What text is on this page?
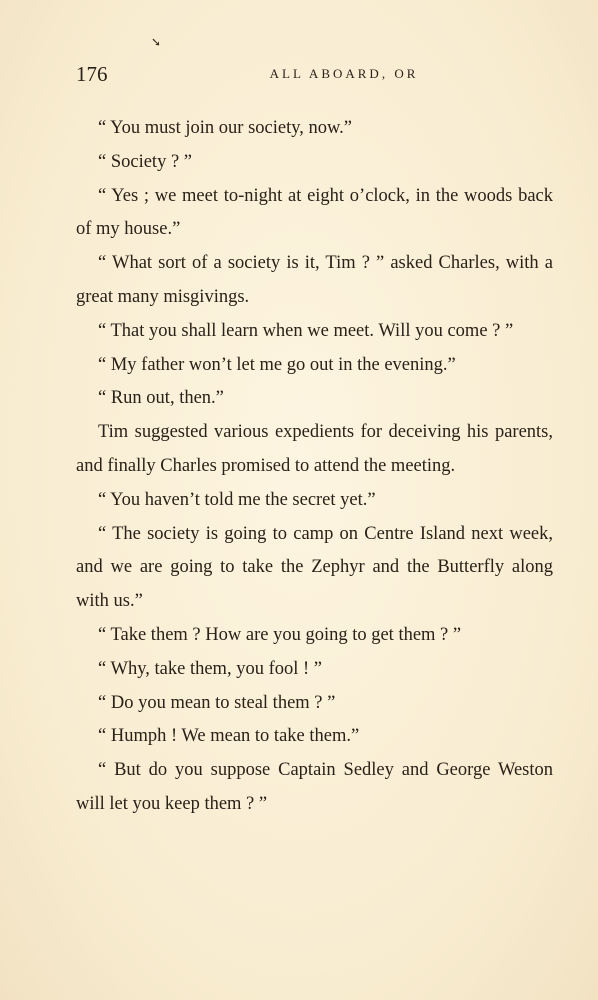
➘
176	ALL ABOARD, OR

“ You must join our society, now.”

“ Society ? ”

“ Yes ; we meet to-night at eight o’clock, in the woods back of my house.”

“ What sort of a society is it, Tim ? ” asked Charles, with a great many misgivings.

“ That you shall learn when we meet. Will you come ? ”

“ My father won’t let me go out in the evening.”

“ Run out, then.”

Tim suggested various expedients for deceiving his parents, and finally Charles promised to attend the meeting.

“ You haven’t told me the secret yet.”

“ The society is going to camp on Centre Island next week, and we are going to take the Zephyr and the Butterfly along with us.”

“ Take them ? How are you going to get them ? ”

“ Why, take them, you fool ! ”

“ Do you mean to steal them ? ”

“ Humph ! We mean to take them.”

“ But do you suppose Captain Sedley and George Weston will let you keep them ? ”
